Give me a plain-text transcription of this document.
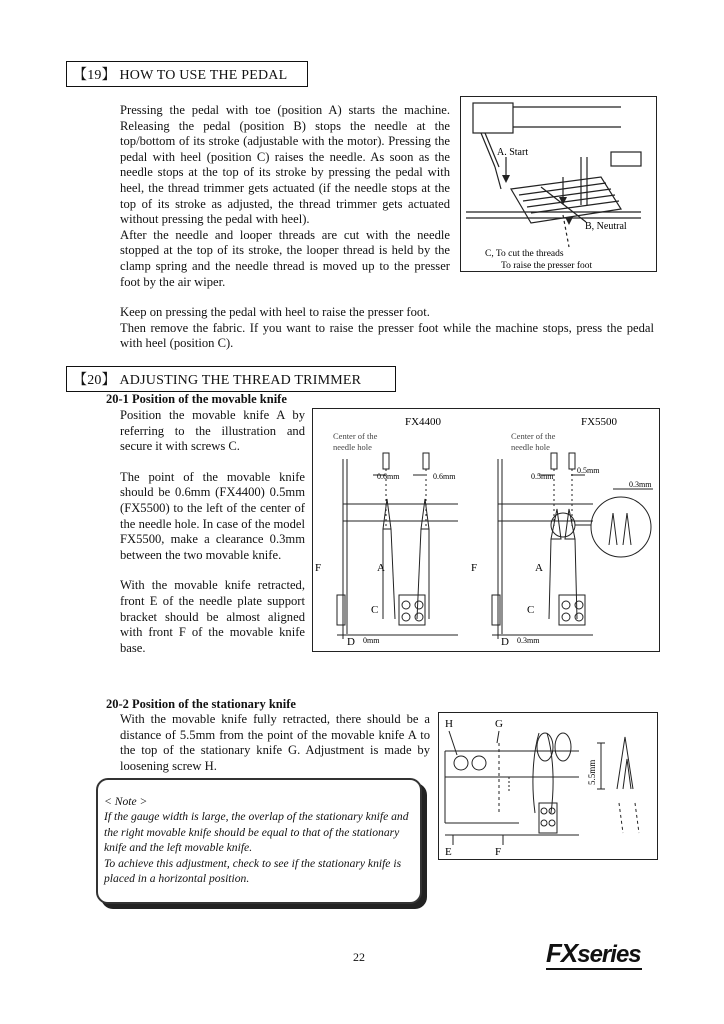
【19】 HOW TO USE THE PEDAL

Pressing the pedal with toe (position A) starts the machine. Releasing the pedal (position B) stops the needle at the top/bottom of its stroke (adjustable with the motor). Pressing the pedal with heel (position C) raises the needle. As soon as the needle stops at the top of its stroke by pressing the pedal with heel, the thread trimmer gets actuated (if the needle stops at the top of its stroke as adjusted, the thread trimmer gets actuated without pressing the pedal with heel).

After the needle and looper threads are cut with the needle stopped at the top of its stroke, the looper thread is held by the clamp spring and the needle thread is moved up to the presser foot by the air wiper.

Keep on pressing the pedal with heel to raise the presser foot.

Then remove the fabric. If you want to raise the presser foot while the machine stops, press the pedal with heel (position C).

A. Start
B, Neutral
C, To cut the threads
To raise the presser foot
【20】 ADJUSTING THE THREAD TRIMMER
20-1 Position of the movable knife

Position the movable knife A by referring to the illustration and secure it with screws C.

The point of the movable knife should be 0.6mm (FX4400) 0.5mm (FX5500) to the left of the center of the needle hole. In case of the model FX5500, make a clearance 0.3mm between the two movable knife.

With the movable knife retracted, front E of the needle plate support bracket should be almost aligned with front F of the movable knife base.

FX4400	FX5500
Center of the
needle hole
Center of the
needle hole
0.6mm	0.6mm	0.5mm
0.5mm
0.3mm
F	A
C
D 0mm
F	A
C
D 0.3mm
20-2 Position of the stationary knife

With the movable knife fully retracted, there should be a distance of 5.5mm from the point of the movable knife A to the top of the stationary knife G. Adjustment is made by loosening screw H.

H	G
E	F
5.5mm

< Note >

If the gauge width is large, the overlap of the stationary knife and the right movable knife should be equal to that of the stationary knife and the left movable knife.

To achieve this adjustment, check to see if the stationary knife is placed in a horizontal position.

22	FXseries
